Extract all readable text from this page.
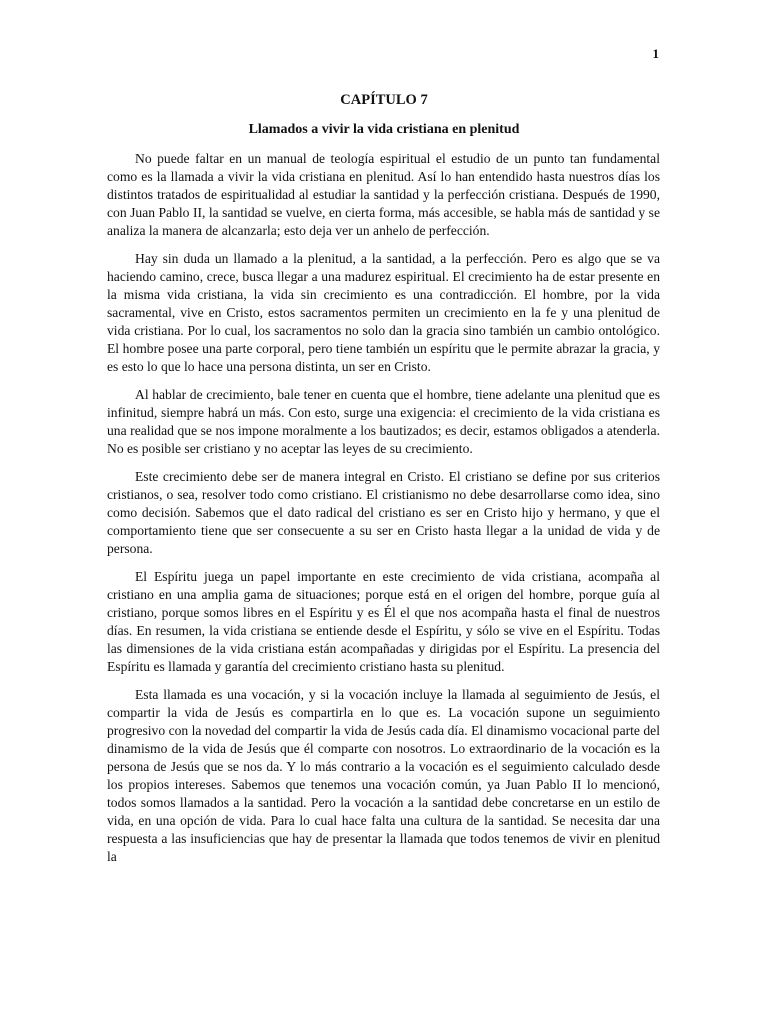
1
CAPÍTULO 7
Llamados a vivir la vida cristiana en plenitud

No puede faltar en un manual de teología espiritual el estudio de un punto tan fundamental como es la llamada a vivir la vida cristiana en plenitud. Así lo han entendido hasta nuestros días los distintos tratados de espiritualidad al estudiar la santidad y la perfección cristiana. Después de 1990, con Juan Pablo II, la santidad se vuelve, en cierta forma, más accesible, se habla más de santidad y se analiza la manera de alcanzarla; esto deja ver un anhelo de perfección.

Hay sin duda un llamado a la plenitud, a la santidad, a la perfección. Pero es algo que se va haciendo camino, crece, busca llegar a una madurez espiritual. El crecimiento ha de estar presente en la misma vida cristiana, la vida sin crecimiento es una contradicción. El hombre, por la vida sacramental, vive en Cristo, estos sacramentos permiten un crecimiento en la fe y una plenitud de vida cristiana. Por lo cual, los sacramentos no solo dan la gracia sino también un cambio ontológico. El hombre posee una parte corporal, pero tiene también un espíritu que le permite abrazar la gracia, y es esto lo que lo hace una persona distinta, un ser en Cristo.

Al hablar de crecimiento, bale tener en cuenta que el hombre, tiene adelante una plenitud que es infinitud, siempre habrá un más. Con esto, surge una exigencia: el crecimiento de la vida cristiana es una realidad que se nos impone moralmente a los bautizados; es decir, estamos obligados a atenderla. No es posible ser cristiano y no aceptar las leyes de su crecimiento.

Este crecimiento debe ser de manera integral en Cristo. El cristiano se define por sus criterios cristianos, o sea, resolver todo como cristiano. El cristianismo no debe desarrollarse como idea, sino como decisión. Sabemos que el dato radical del cristiano es ser en Cristo hijo y hermano, y que el comportamiento tiene que ser consecuente a su ser en Cristo hasta llegar a la unidad de vida y de persona.

El Espíritu juega un papel importante en este crecimiento de vida cristiana, acompaña al cristiano en una amplia gama de situaciones; porque está en el origen del hombre, porque guía al cristiano, porque somos libres en el Espíritu y es Él el que nos acompaña hasta el final de nuestros días. En resumen, la vida cristiana se entiende desde el Espíritu, y sólo se vive en el Espíritu. Todas las dimensiones de la vida cristiana están acompañadas y dirigidas por el Espíritu. La presencia del Espíritu es llamada y garantía del crecimiento cristiano hasta su plenitud.

Esta llamada es una vocación, y si la vocación incluye la llamada al seguimiento de Jesús, el compartir la vida de Jesús es compartirla en lo que es. La vocación supone un seguimiento progresivo con la novedad del compartir la vida de Jesús cada día. El dinamismo vocacional parte del dinamismo de la vida de Jesús que él comparte con nosotros. Lo extraordinario de la vocación es la persona de Jesús que se nos da. Y lo más contrario a la vocación es el seguimiento calculado desde los propios intereses. Sabemos que tenemos una vocación común, ya Juan Pablo II lo mencionó, todos somos llamados a la santidad. Pero la vocación a la santidad debe concretarse en un estilo de vida, en una opción de vida. Para lo cual hace falta una cultura de la santidad. Se necesita dar una respuesta a las insuficiencias que hay de presentar la llamada que todos tenemos de vivir en plenitud la
